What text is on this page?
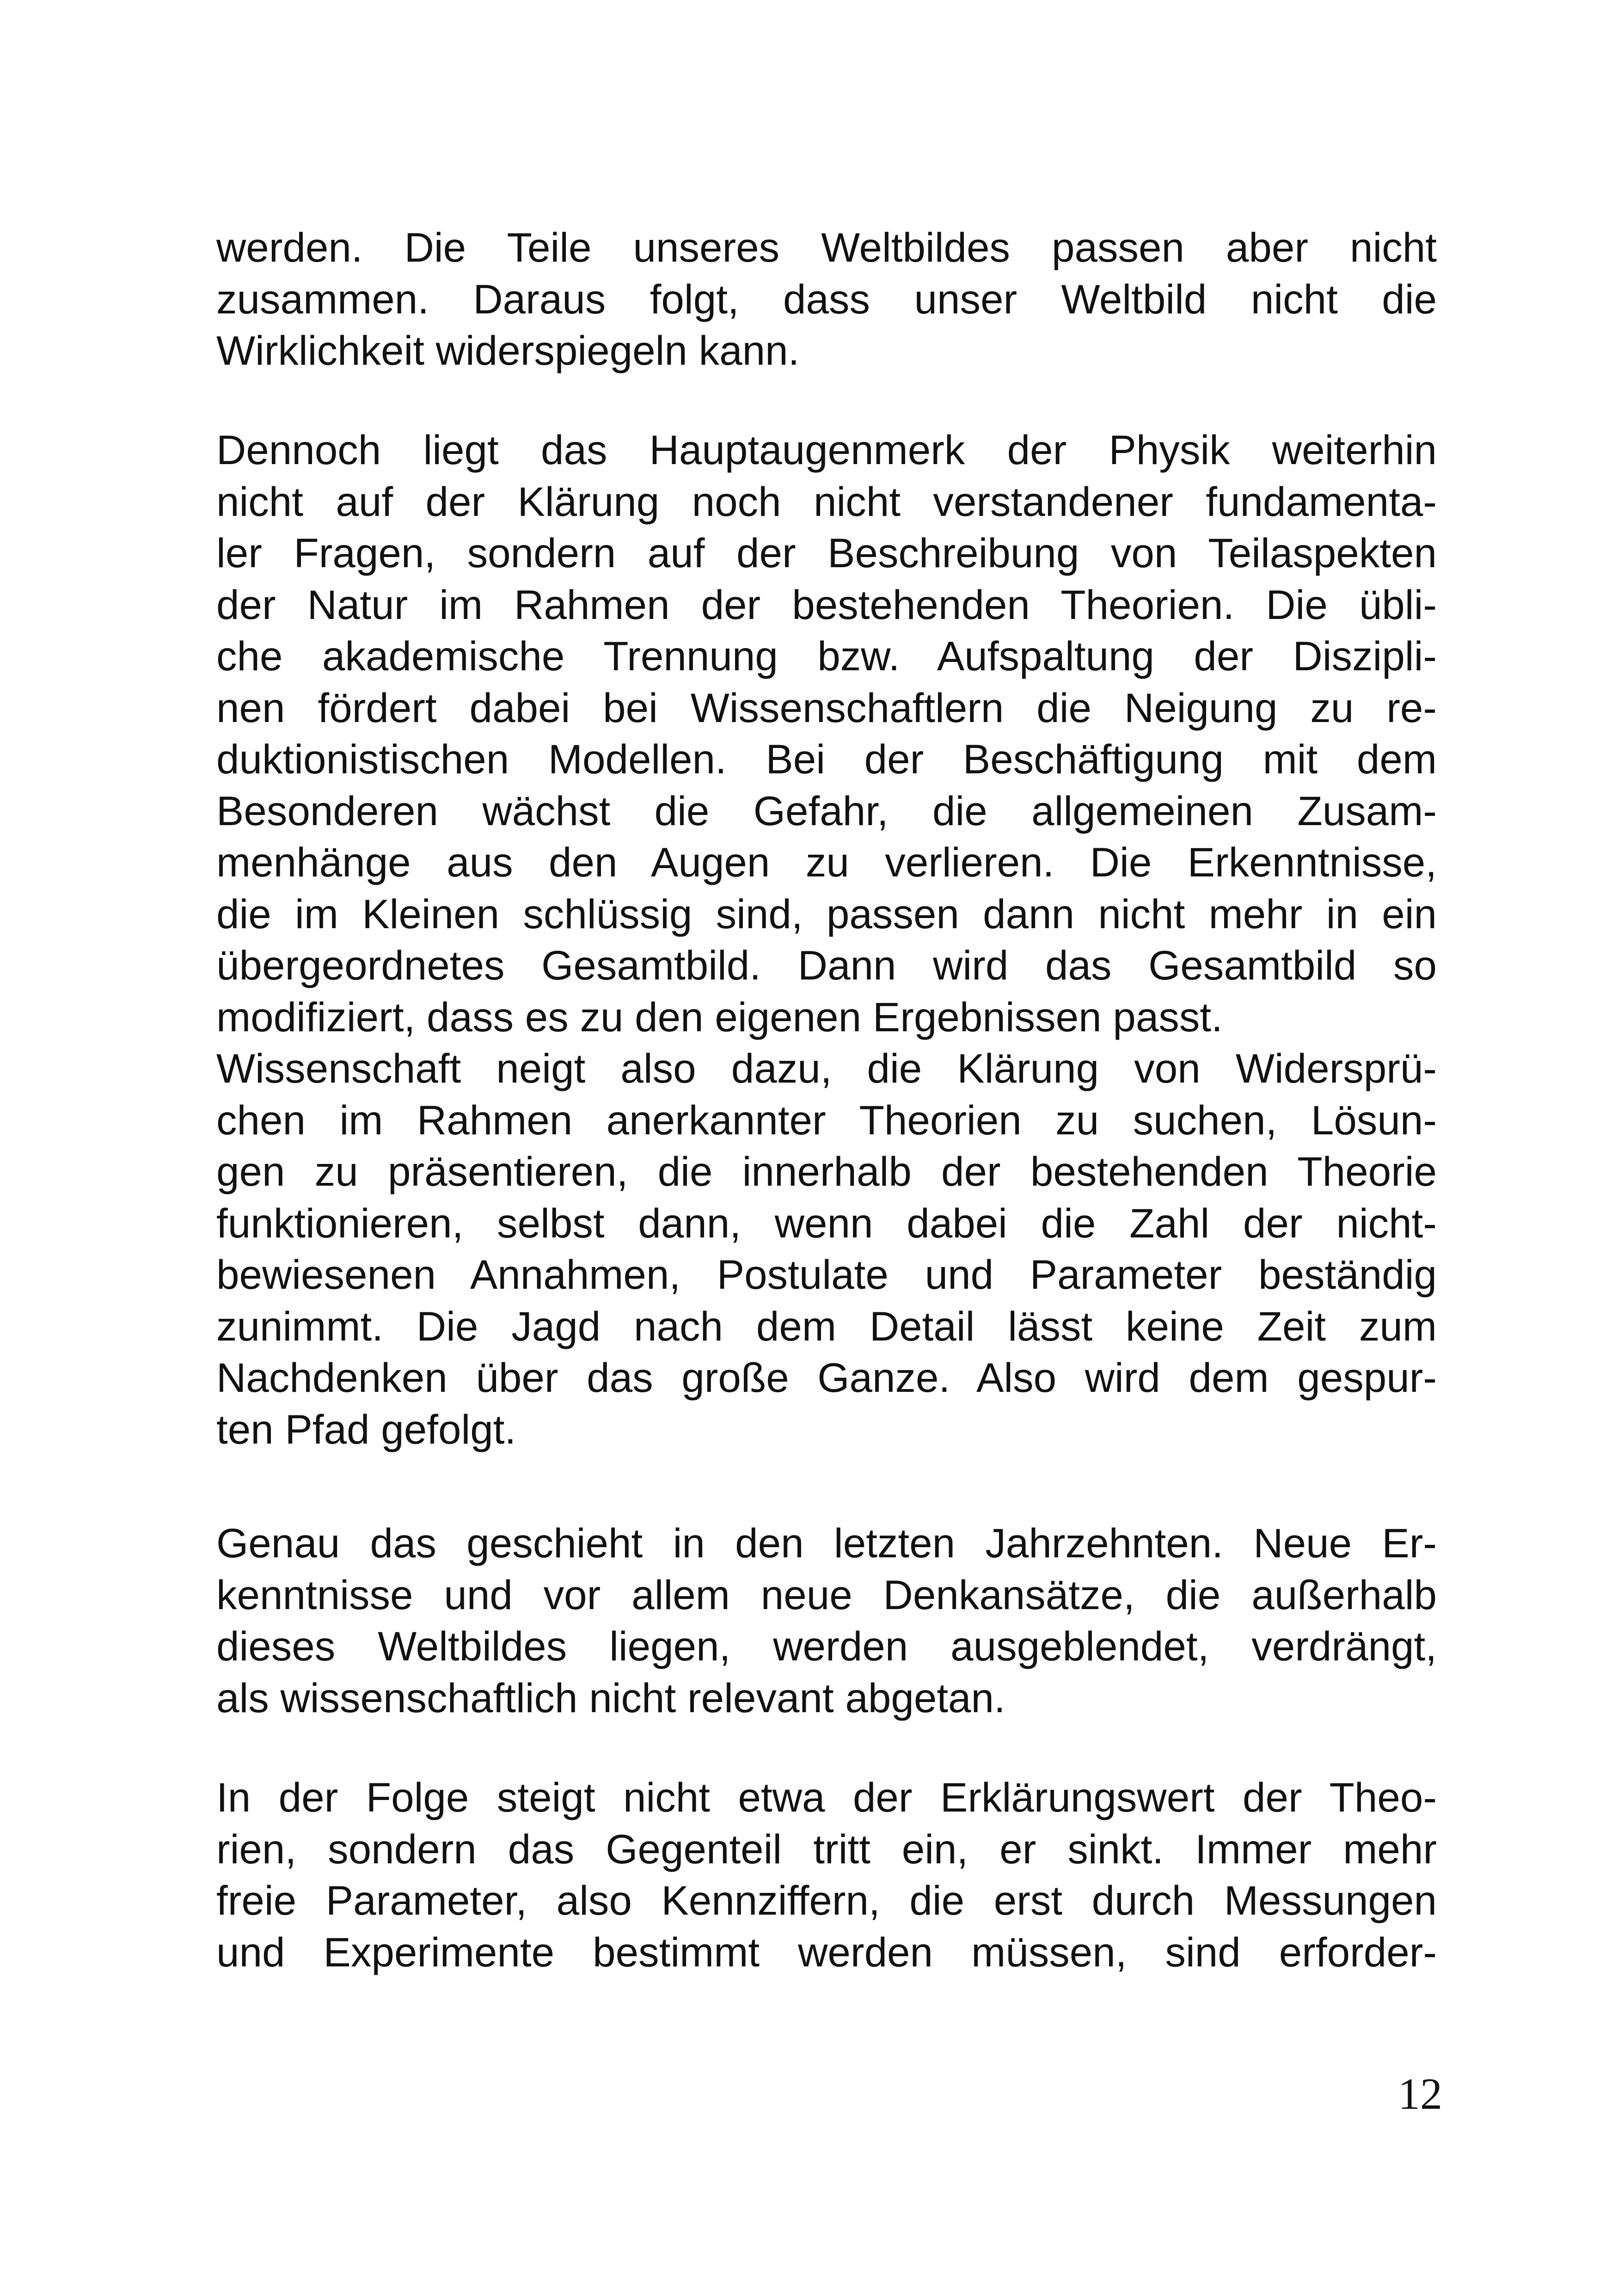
werden. Die Teile unseres Weltbildes passen aber nicht
zusammen. Daraus folgt, dass unser Weltbild nicht die
Wirklichkeit widerspiegeln kann.
Dennoch liegt das Hauptaugenmerk der Physik weiterhin
nicht auf der Klärung noch nicht verstandener fundamenta-
ler Fragen, sondern auf der Beschreibung von Teilaspekten
der Natur im Rahmen der bestehenden Theorien. Die übli-
che akademische Trennung bzw. Aufspaltung der Diszipli-
nen fördert dabei bei Wissenschaftlern die Neigung zu re-
duktionistischen Modellen. Bei der Beschäftigung mit dem
Besonderen wächst die Gefahr, die allgemeinen Zusam-
menhänge aus den Augen zu verlieren. Die Erkenntnisse,
die im Kleinen schlüssig sind, passen dann nicht mehr in ein
übergeordnetes Gesamtbild. Dann wird das Gesamtbild so
modifiziert, dass es zu den eigenen Ergebnissen passt.
Wissenschaft neigt also dazu, die Klärung von Widersprü-
chen im Rahmen anerkannter Theorien zu suchen, Lösun-
gen zu präsentieren, die innerhalb der bestehenden Theorie
funktionieren, selbst dann, wenn dabei die Zahl der nicht-
bewiesenen Annahmen, Postulate und Parameter beständig
zunimmt. Die Jagd nach dem Detail lässt keine Zeit zum
Nachdenken über das große Ganze. Also wird dem gespur-
ten Pfad gefolgt.
Genau das geschieht in den letzten Jahrzehnten. Neue Er-
kenntnisse und vor allem neue Denkansätze, die außerhalb
dieses Weltbildes liegen, werden ausgeblendet, verdrängt,
als wissenschaftlich nicht relevant abgetan.
In der Folge steigt nicht etwa der Erklärungswert der Theo-
rien, sondern das Gegenteil tritt ein, er sinkt. Immer mehr
freie Parameter, also Kennziffern, die erst durch Messungen
und Experimente bestimmt werden müssen, sind erforder-
12
